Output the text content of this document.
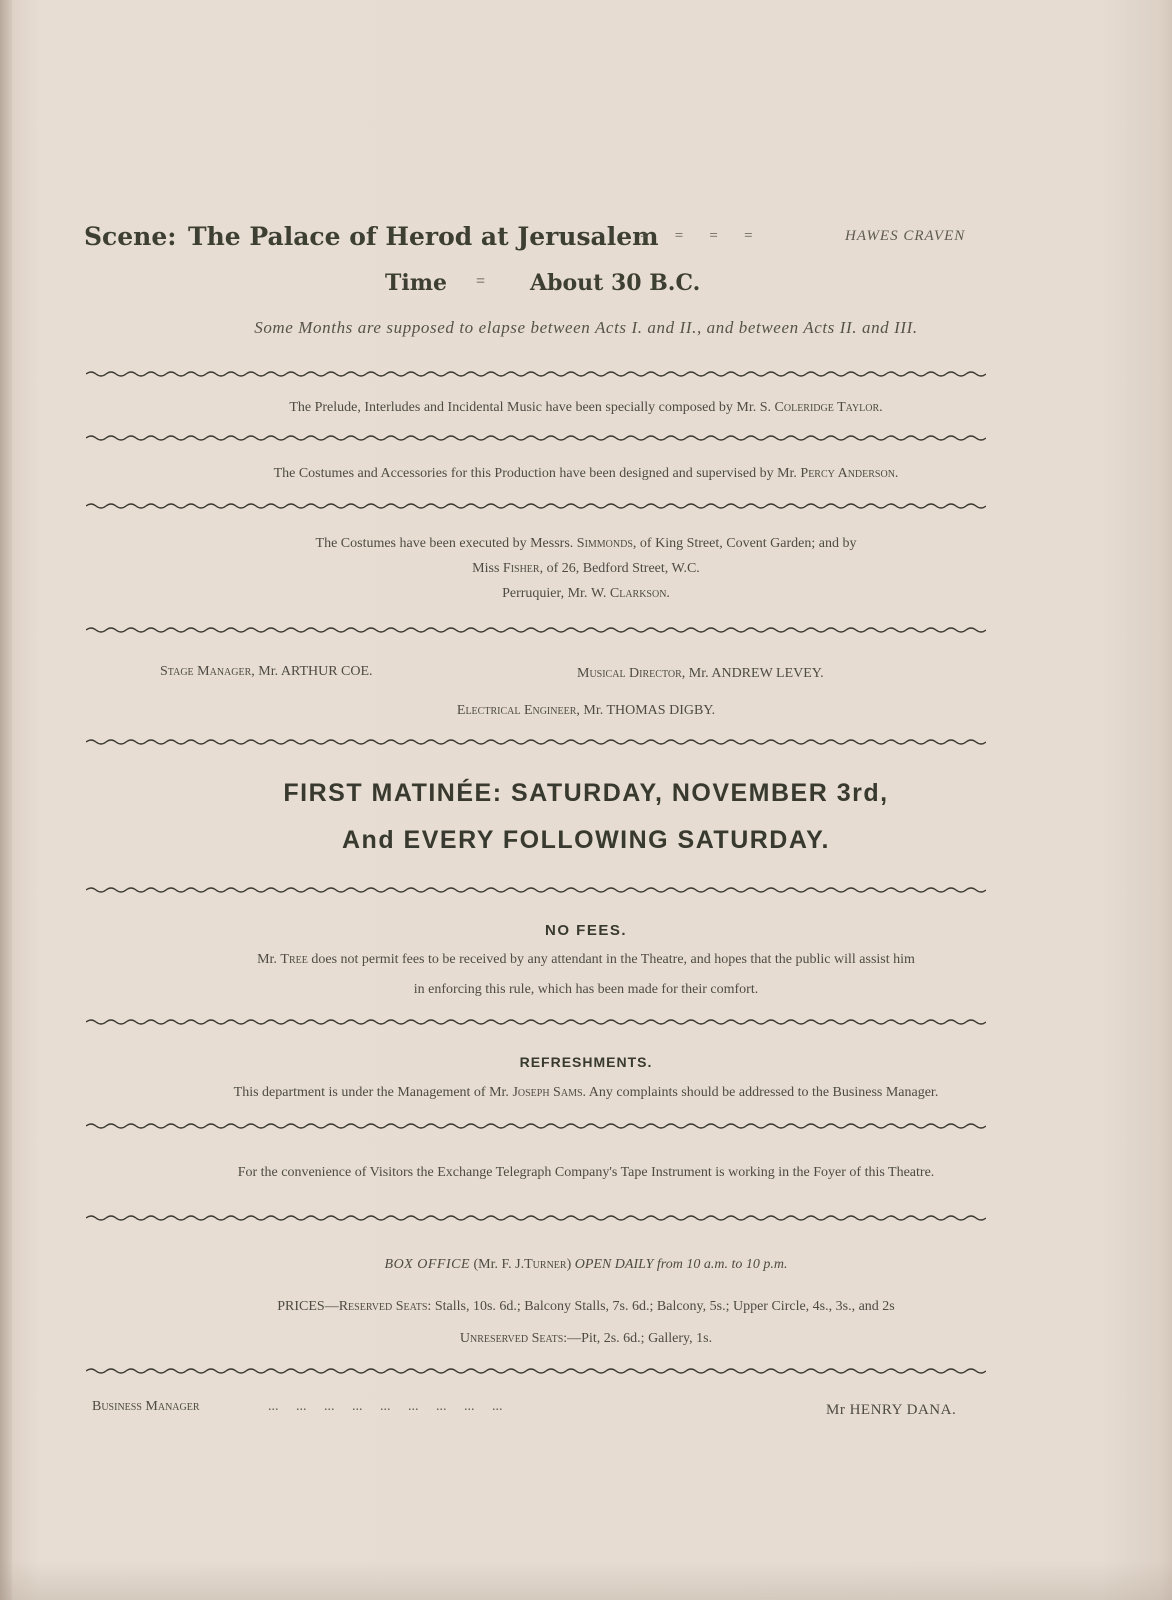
Scene: The Palace of Herod at Jerusalem
=       =       =       =	HAWES CRAVEN
Time = About 30 B.C.
Some Months are supposed to elapse between Acts I. and II., and between Acts II. and III.
The Prelude, Interludes and Incidental Music have been specially composed by Mr. S. Coleridge Taylor.
The Costumes and Accessories for this Production have been designed and supervised by Mr. Percy Anderson.
The Costumes have been executed by Messrs. Simmonds, of King Street, Covent Garden; and by
Miss Fisher, of 26, Bedford Street, W.C.
Perruquier, Mr. W. Clarkson.
Stage Manager, Mr. ARTHUR COE.	Musical Director, Mr. ANDREW LEVEY.
Electrical Engineer, Mr. THOMAS DIGBY.
FIRST MATINÉE: SATURDAY, NOVEMBER 3rd,
And EVERY FOLLOWING SATURDAY.
NO FEES.
Mr. Tree does not permit fees to be received by any attendant in the Theatre, and hopes that the public will assist him
in enforcing this rule, which has been made for their comfort.
REFRESHMENTS.
This department is under the Management of Mr. Joseph Sams. Any complaints should be addressed to the Business Manager.
For the convenience of Visitors the Exchange Telegraph Company's Tape Instrument is working in the Foyer of this Theatre.
BOX OFFICE (Mr. F. J.Turner) OPEN DAILY from 10 a.m. to 10 p.m.
PRICES—Reserved Seats: Stalls, 10s. 6d.; Balcony Stalls, 7s. 6d.; Balcony, 5s.; Upper Circle, 4s., 3s., and 2s
Unreserved Seats:—Pit, 2s. 6d.; Gallery, 1s.
Business Manager	...     ...     ...     ...     ...     ...     ...     ...     ...	Mr HENRY DANA.
